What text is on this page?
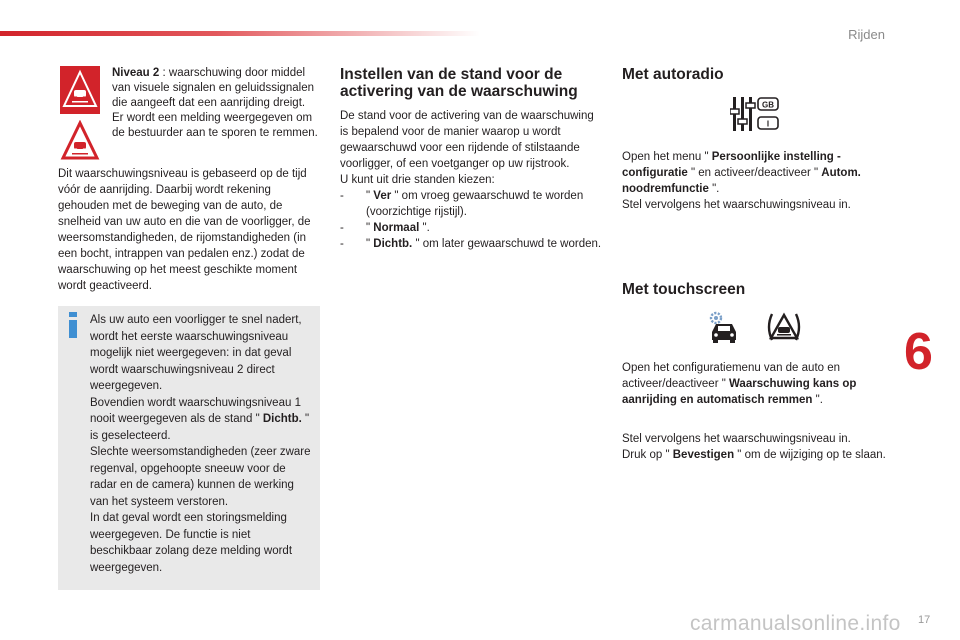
Rijden
6
17
carmanualsonline.info

Niveau 2 : waarschuwing door middel van visuele signalen en geluidssignalen die aangeeft dat een aanrijding dreigt.

Er wordt een melding weergegeven om de bestuurder aan te sporen te remmen.

Dit waarschuwingsniveau is gebaseerd op de tijd vóór de aanrijding. Daarbij wordt rekening gehouden met de beweging van de auto, de snelheid van uw auto en die van de voorligger, de weersomstandigheden, de rijomstandigheden (in een bocht, intrappen van pedalen enz.) zodat de waarschuwing op het meest geschikte moment wordt geactiveerd.

Als uw auto een voorligger te snel nadert, wordt het eerste waarschuwingsniveau mogelijk niet weergegeven: in dat geval wordt waarschuwingsniveau 2 direct weergegeven.

Bovendien wordt waarschuwingsniveau 1 nooit weergegeven als de stand " Dichtb. " is geselecteerd.

Slechte weersomstandigheden (zeer zware regenval, opgehoopte sneeuw voor de radar en de camera) kunnen de werking van het systeem verstoren.

In dat geval wordt een storingsmelding weergegeven. De functie is niet beschikbaar zolang deze melding wordt weergegeven.

Instellen van de stand voor de activering van de waarschuwing

De stand voor de activering van de waarschuwing is bepalend voor de manier waarop u wordt gewaarschuwd voor een rijdende of stilstaande voorligger, of een voetganger op uw rijstrook.

U kunt uit drie standen kiezen:

- " Ver " om vroeg gewaarschuwd te worden (voorzichtige rijstijl).
- " Normaal ".
- " Dichtb. " om later gewaarschuwd te worden.
Met autoradio
GB
I

Open het menu " Persoonlijke instelling - configuratie " en activeer/deactiveer " Autom. noodremfunctie ".

Stel vervolgens het waarschuwingsniveau in.

Met touchscreen

Open het configuratiemenu van de auto en activeer/deactiveer " Waarschuwing kans op aanrijding en automatisch remmen ".

Stel vervolgens het waarschuwingsniveau in.

Druk op " Bevestigen " om de wijziging op te slaan.
